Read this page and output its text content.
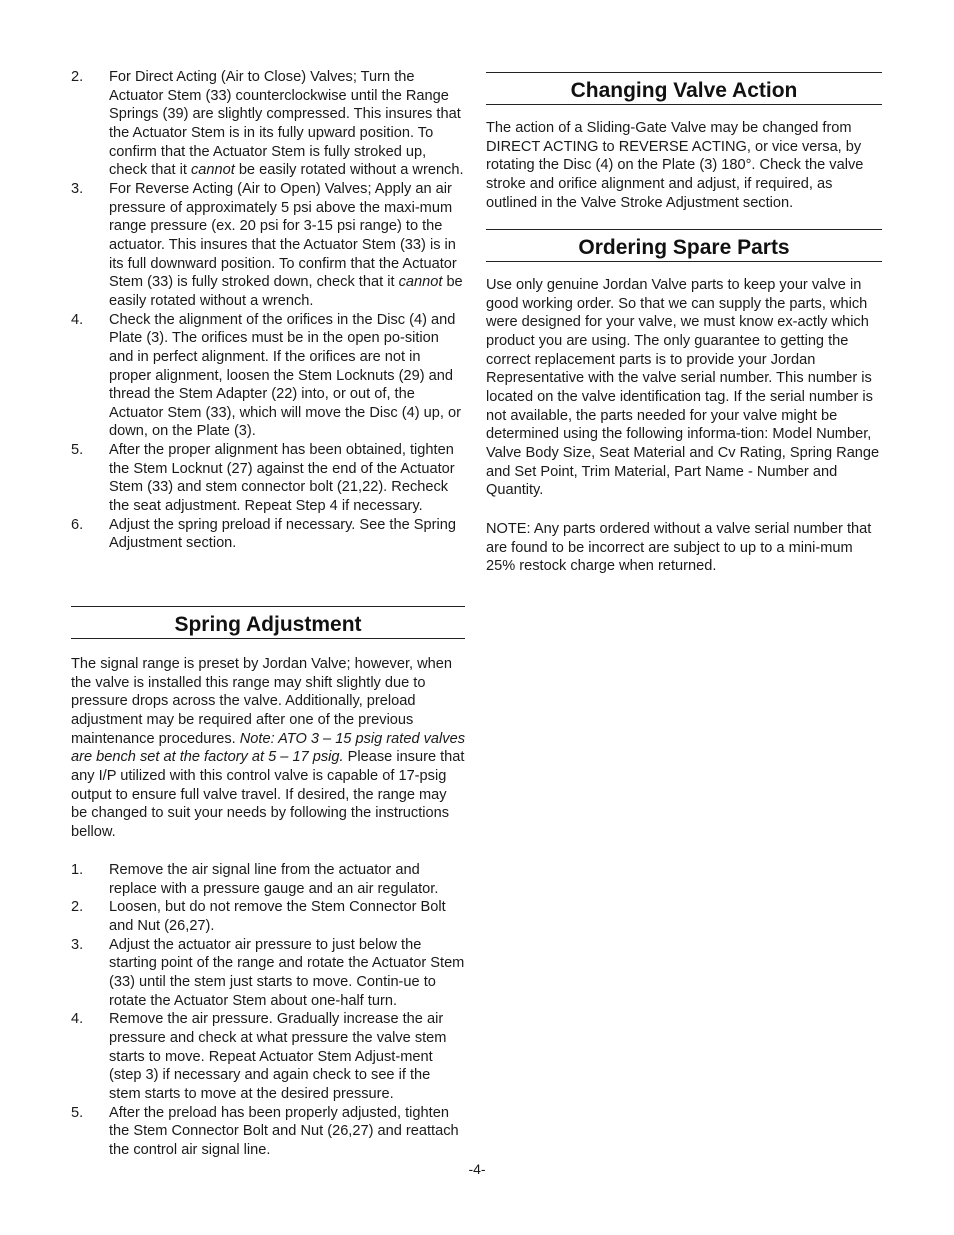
2. For Direct Acting (Air to Close) Valves; Turn the Actuator Stem (33) counterclockwise until the Range Springs (39) are slightly compressed. This insures that the Actuator Stem is in its fully upward position. To confirm that the Actuator Stem is fully stroked up, check that it cannot be easily rotated without a wrench.
3. For Reverse Acting (Air to Open) Valves; Apply an air pressure of approximately 5 psi above the maxi-mum range pressure (ex. 20 psi for 3-15 psi range) to the actuator. This insures that the Actuator Stem (33) is in its full downward position. To confirm that the Actuator Stem (33) is fully stroked down, check that it cannot be easily rotated without a wrench.
4. Check the alignment of the orifices in the Disc (4) and Plate (3). The orifices must be in the open po-sition and in perfect alignment. If the orifices are not in proper alignment, loosen the Stem Locknuts (29) and thread the Stem Adapter (22) into, or out of, the Actuator Stem (33), which will move the Disc (4) up, or down, on the Plate (3).
5. After the proper alignment has been obtained, tighten the Stem Locknut (27) against the end of the Actuator Stem (33) and stem connector bolt (21,22). Recheck the seat adjustment. Repeat Step 4 if necessary.
6. Adjust the spring preload if necessary. See the Spring Adjustment section.
Spring Adjustment

The signal range is preset by Jordan Valve; however, when the valve is installed this range may shift slightly due to pressure drops across the valve. Additionally, preload adjustment may be required after one of the previous maintenance procedures. Note: ATO 3 – 15 psig rated valves are bench set at the factory at 5 – 17 psig. Please insure that any I/P utilized with this control valve is capable of 17-psig output to ensure full valve travel. If desired, the range may be changed to suit your needs by following the instructions bellow.

1. Remove the air signal line from the actuator and replace with a pressure gauge and an air regulator.
2. Loosen, but do not remove the Stem Connector Bolt and Nut (26,27).
3. Adjust the actuator air pressure to just below the starting point of the range and rotate the Actuator Stem (33) until the stem just starts to move. Contin-ue to rotate the Actuator Stem about one-half turn.
4. Remove the air pressure. Gradually increase the air pressure and check at what pressure the valve stem starts to move. Repeat Actuator Stem Adjust-ment (step 3) if necessary and again check to see if the stem starts to move at the desired pressure.
5. After the preload has been properly adjusted, tighten the Stem Connector Bolt and Nut (26,27) and reattach the control air signal line.
Changing Valve Action

The action of a Sliding-Gate Valve may be changed from DIRECT ACTING to REVERSE ACTING, or vice versa, by rotating the Disc (4) on the Plate (3) 180°. Check the valve stroke and orifice alignment and adjust, if required, as outlined in the Valve Stroke Adjustment section.

Ordering Spare Parts

Use only genuine Jordan Valve parts to keep your valve in good working order. So that we can supply the parts, which were designed for your valve, we must know ex-actly which product you are using. The only guarantee to getting the correct replacement parts is to provide your Jordan Representative with the valve serial number. This number is located on the valve identification tag. If the serial number is not available, the parts needed for your valve might be determined using the following informa-tion: Model Number, Valve Body Size, Seat Material and Cv Rating, Spring Range and Set Point, Trim Material, Part Name - Number and Quantity.

NOTE: Any parts ordered without a valve serial number that are found to be incorrect are subject to up to a mini-mum 25% restock charge when returned.

-4-
